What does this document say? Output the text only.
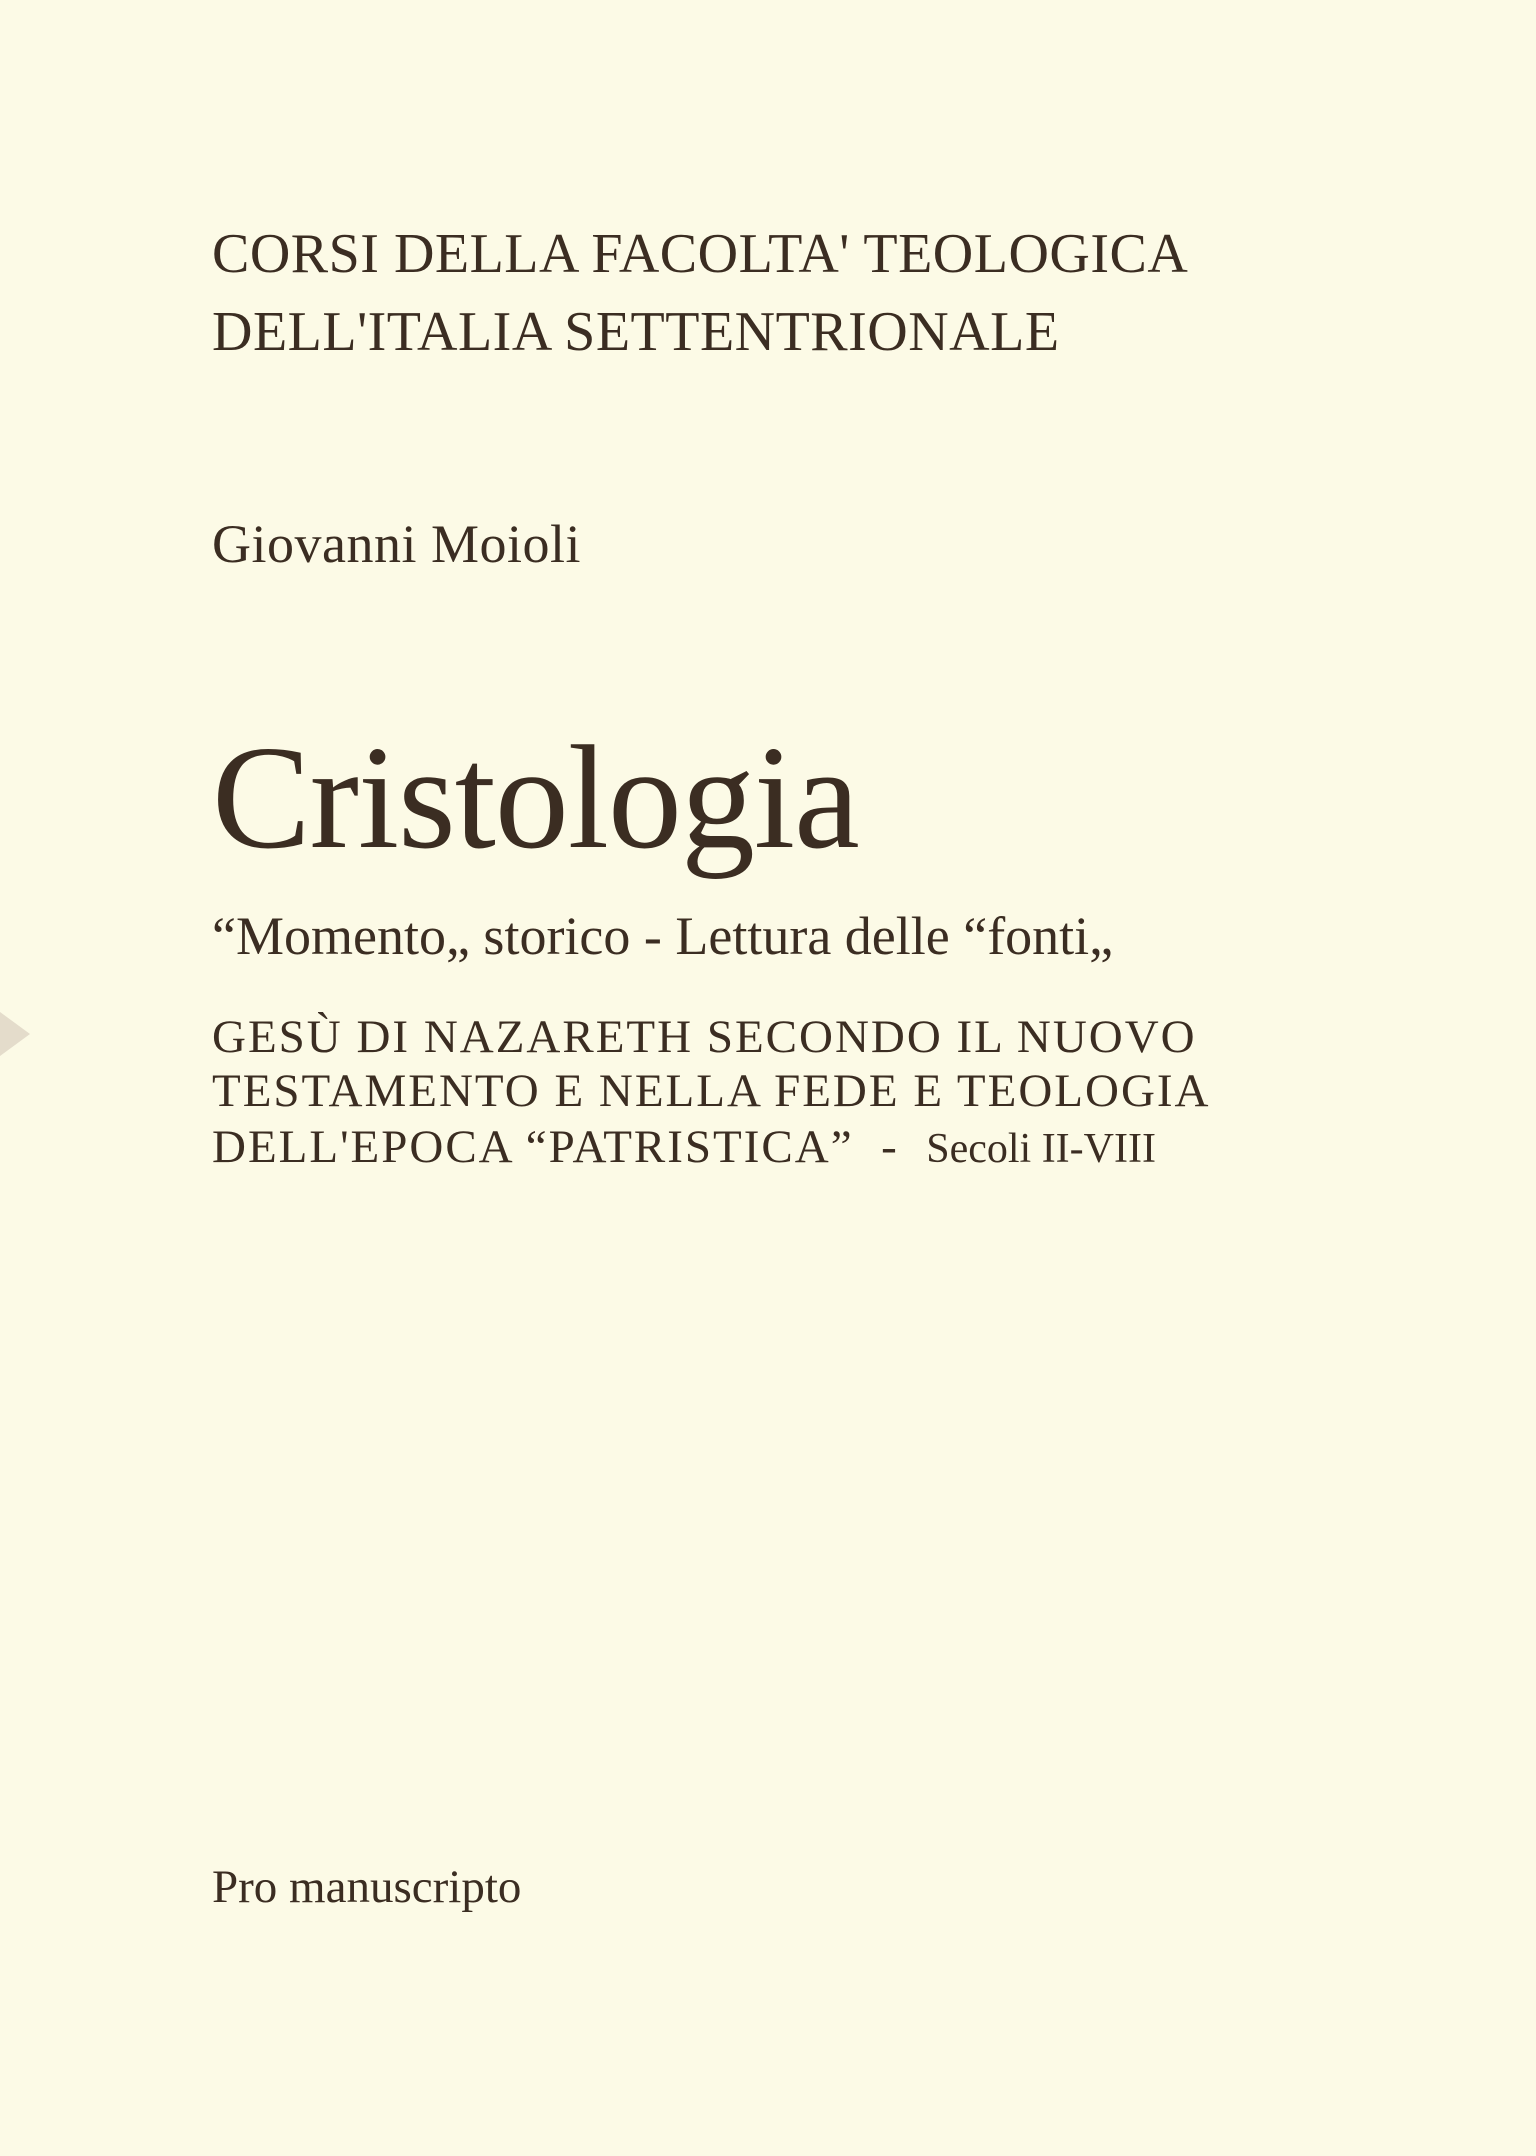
CORSI DELLA FACOLTA' TEOLOGICA

DELL'ITALIA SETTENTRIONALE

Giovanni Moioli

Cristologia

“Momento„ storico - Lettura delle “fonti„

GESÙ DI NAZARETH SECONDO IL NUOVO

TESTAMENTO E NELLA FEDE E TEOLOGIA

DELL'EPOCA “PATRISTICA” - Secoli II-VIII

Pro manuscripto
